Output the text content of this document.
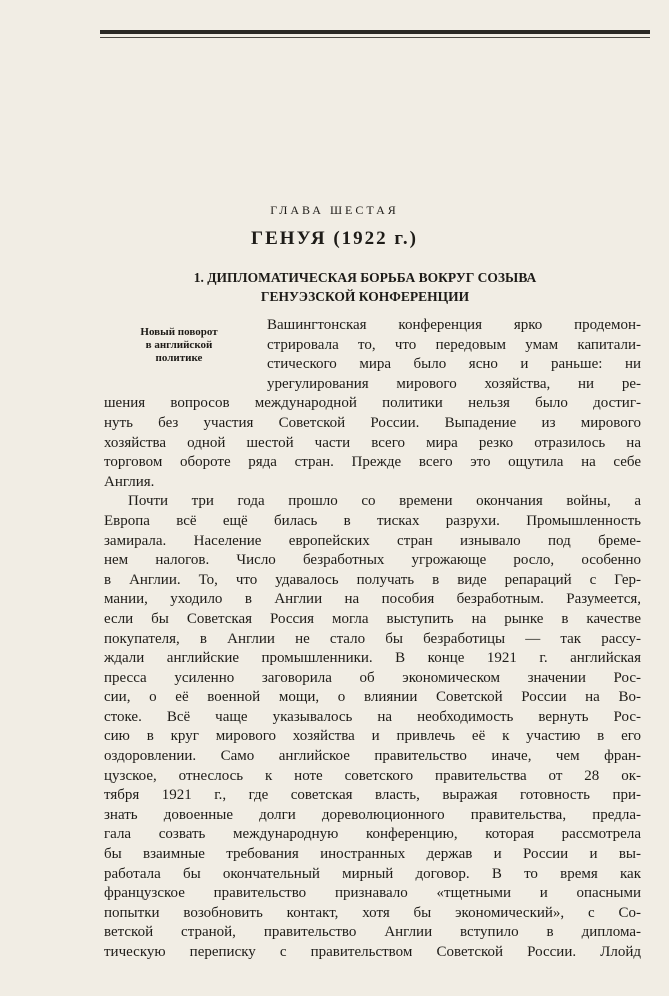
ГЛАВА ШЕСТАЯ
ГЕНУЯ (1922 г.)
1. ДИПЛОМАТИЧЕСКАЯ БОРЬБА ВОКРУГ СОЗЫВА
ГЕНУЭЗСКОЙ КОНФЕРЕНЦИИ
Новый поворот
в английской
политике
Вашингтонская конференция ярко продемон-
стрировала то, что передовым умам капитали-
стического мира было ясно и раньше: ни
урегулирования мирового хозяйства, ни ре-
шения вопросов международной политики нельзя было достиг-
нуть без участия Советской России. Выпадение из мирового
хозяйства одной шестой части всего мира резко отразилось на
торговом обороте ряда стран. Прежде всего это ощутила на себе
Англия.
Почти три года прошло со времени окончания войны, а
Европа всё ещё билась в тисках разрухи. Промышленность
замирала. Население европейских стран изнывало под бреме-
нем налогов. Число безработных угрожающе росло, особенно
в Англии. То, что удавалось получать в виде репараций с Гер-
мании, уходило в Англии на пособия безработным. Разумеется,
если бы Советская Россия могла выступить на рынке в качестве
покупателя, в Англии не стало бы безработицы — так рассу-
ждали английские промышленники. В конце 1921 г. английская
пресса усиленно заговорила об экономическом значении Рос-
сии, о её военной мощи, о влиянии Советской России на Во-
стоке. Всё чаще указывалось на необходимость вернуть Рос-
сию в круг мирового хозяйства и привлечь её к участию в его
оздоровлении. Само английское правительство иначе, чем фран-
цузское, отнеслось к ноте советского правительства от 28 ок-
тября 1921 г., где советская власть, выражая готовность при-
знать довоенные долги дореволюционного правительства, предла-
гала созвать международную конференцию, которая рассмотрела
бы взаимные требования иностранных держав и России и вы-
работала бы окончательный мирный договор. В то время как
французское правительство признавало «тщетными и опасными
попытки возобновить контакт, хотя бы экономический», с Со-
ветской страной, правительство Англии вступило в диплома-
тическую переписку с правительством Советской России. Ллойд
